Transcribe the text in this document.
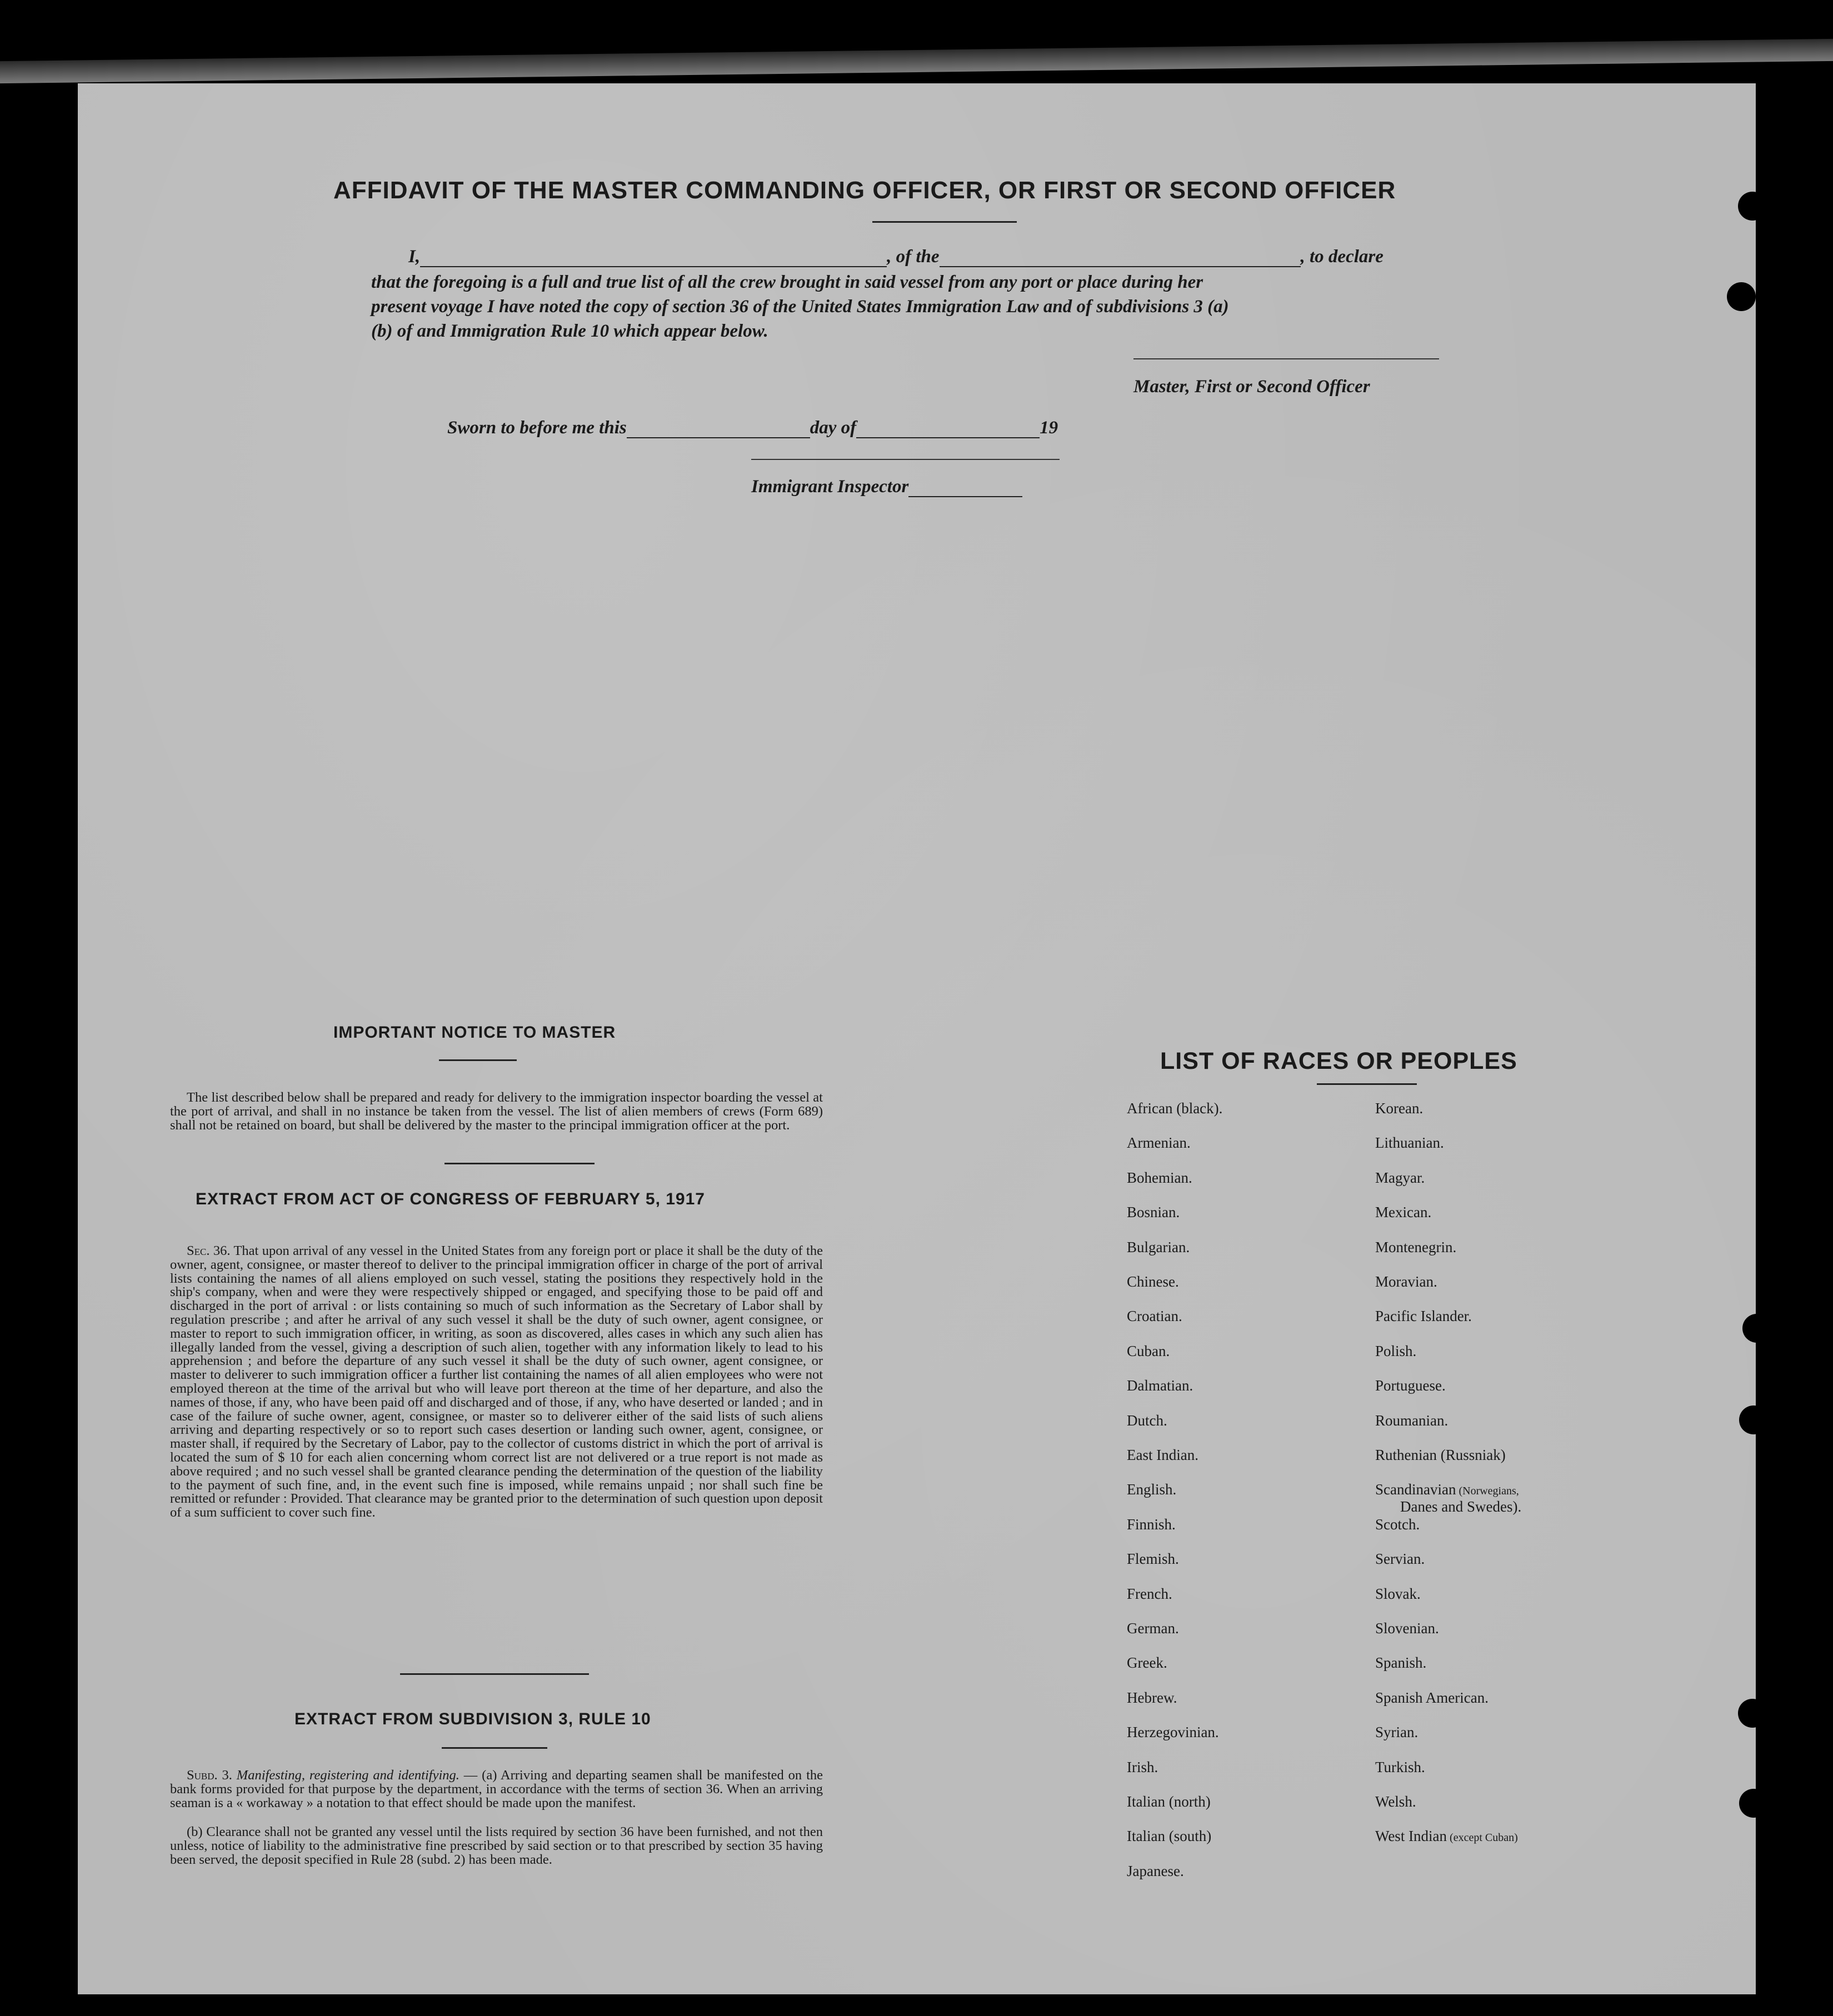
AFFIDAVIT OF THE MASTER COMMANDING OFFICER, OR FIRST OR SECOND OFFICER
I,	, of the	, to declare
that the foregoing is a full and true list of all the crew brought in said vessel from any port or place during her
present voyage I have noted the copy of section 36 of the United States Immigration Law and of subdivisions 3 (a)
(b) of and Immigration Rule 10 which appear below.
Master, First or Second Officer
Sworn to before me this	day of	19
Immigrant Inspector
IMPORTANT NOTICE TO MASTER
The list described below shall be prepared and ready for delivery to the immigration inspector boarding the vessel at the port of arrival, and shall in no instance be taken from the vessel. The list of alien members of crews (Form 689) shall not be retained on board, but shall be delivered by the master to the principal immigration officer at the port.
EXTRACT FROM ACT OF CONGRESS OF FEBRUARY 5, 1917
Sec. 36. That upon arrival of any vessel in the United States from any foreign port or place it shall be the duty of the owner, agent, consignee, or master thereof to deliver to the principal immigration officer in charge of the port of arrival lists containing the names of all aliens employed on such vessel, stating the positions they respectively hold in the ship's company, when and were they were respectively shipped or engaged, and specifying those to be paid off and discharged in the port of arrival : or lists containing so much of such information as the Secretary of Labor shall by regulation prescribe ; and after he arrival of any such vessel it shall be the duty of such owner, agent consignee, or master to report to such immigration officer, in writing, as soon as discovered, alles cases in which any such alien has illegally landed from the vessel, giving a description of such alien, together with any information likely to lead to his apprehension ; and before the departure of any such vessel it shall be the duty of such owner, agent consignee, or master to deliverer to such immigration officer a further list containing the names of all alien employees who were not employed thereon at the time of the arrival but who will leave port thereon at the time of her departure, and also the names of those, if any, who have been paid off and discharged and of those, if any, who have deserted or landed ; and in case of the failure of suche owner, agent, consignee, or master so to deliverer either of the said lists of such aliens arriving and departing respectively or so to report such cases desertion or landing such owner, agent, consignee, or master shall, if required by the Secretary of Labor, pay to the collector of customs district in which the port of arrival is located the sum of $ 10 for each alien concerning whom correct list are not delivered or a true report is not made as above required ; and no such vessel shall be granted clearance pending the determination of the question of the liability to the payment of such fine, and, in the event such fine is imposed, while remains unpaid ; nor shall such fine be remitted or refunder : Provided. That clearance may be granted prior to the determination of such question upon deposit of a sum sufficient to cover such fine.
EXTRACT FROM SUBDIVISION 3, RULE 10
Subd. 3. Manifesting, registering and identifying. — (a) Arriving and departing seamen shall be manifested on the bank forms provided for that purpose by the department, in accordance with the terms of section 36. When an arriving seaman is a « workaway » a notation to that effect should be made upon the manifest.
(b) Clearance shall not be granted any vessel until the lists required by section 36 have been furnished, and not then unless, notice of liability to the administrative fine prescribed by said section or to that prescribed by section 35 having been served, the deposit specified in Rule 28 (subd. 2) has been made.
LIST OF RACES OR PEOPLES
African (black).
Armenian.
Bohemian.
Bosnian.
Bulgarian.
Chinese.
Croatian.
Cuban.
Dalmatian.
Dutch.
East Indian.
English.
Finnish.
Flemish.
French.
German.
Greek.
Hebrew.
Herzegovinian.
Irish.
Italian (north)
Italian (south)
Japanese.
Korean.
Lithuanian.
Magyar.
Mexican.
Montenegrin.
Moravian.
Pacific Islander.
Polish.
Portuguese.
Roumanian.
Ruthenian (Russniak)
Scandinavian (Norwegians,
Danes and Swedes).
Scotch.
Servian.
Slovak.
Slovenian.
Spanish.
Spanish American.
Syrian.
Turkish.
Welsh.
West Indian (except Cuban)
